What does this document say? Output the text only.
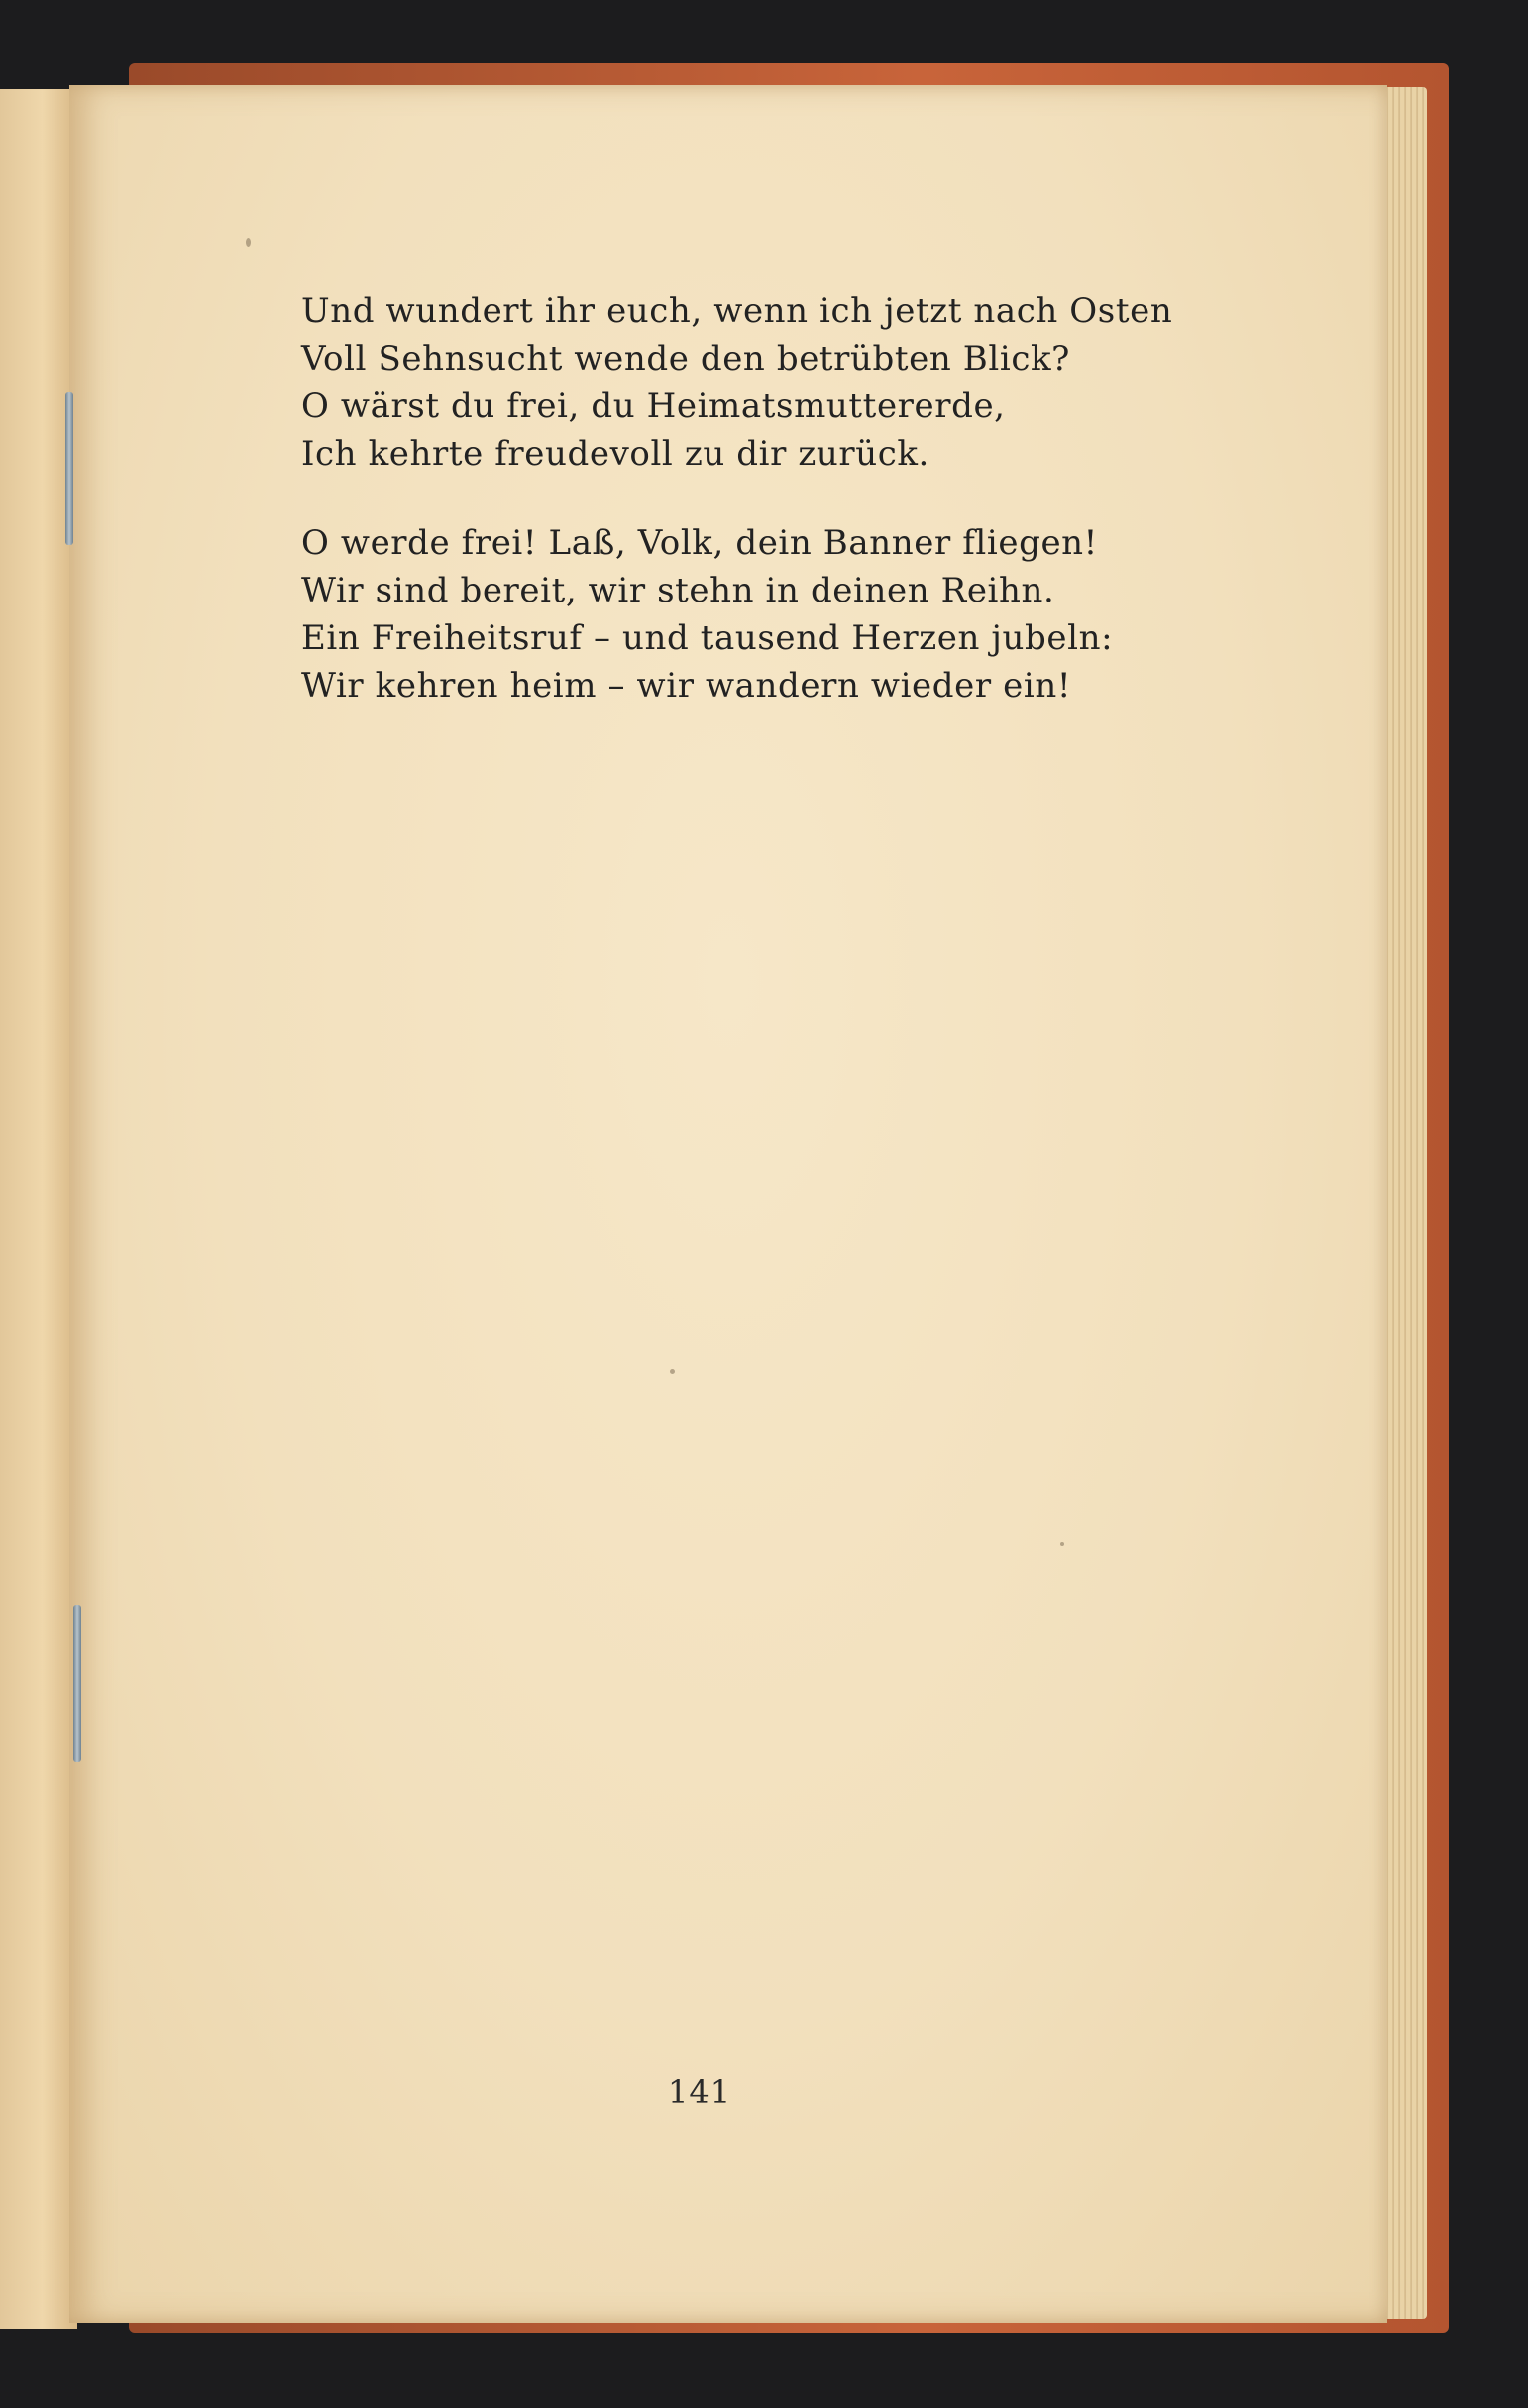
Und wundert ihr euch, wenn ich jetzt nach Osten
Voll Sehnsucht wende den betrübten Blick?
O wärst du frei, du Heimatsmuttererde,
Ich kehrte freudevoll zu dir zurück.
O werde frei! Laß, Volk, dein Banner fliegen!
Wir sind bereit, wir stehn in deinen Reihn.
Ein Freiheitsruf – und tausend Herzen jubeln:
Wir kehren heim – wir wandern wieder ein!
141
